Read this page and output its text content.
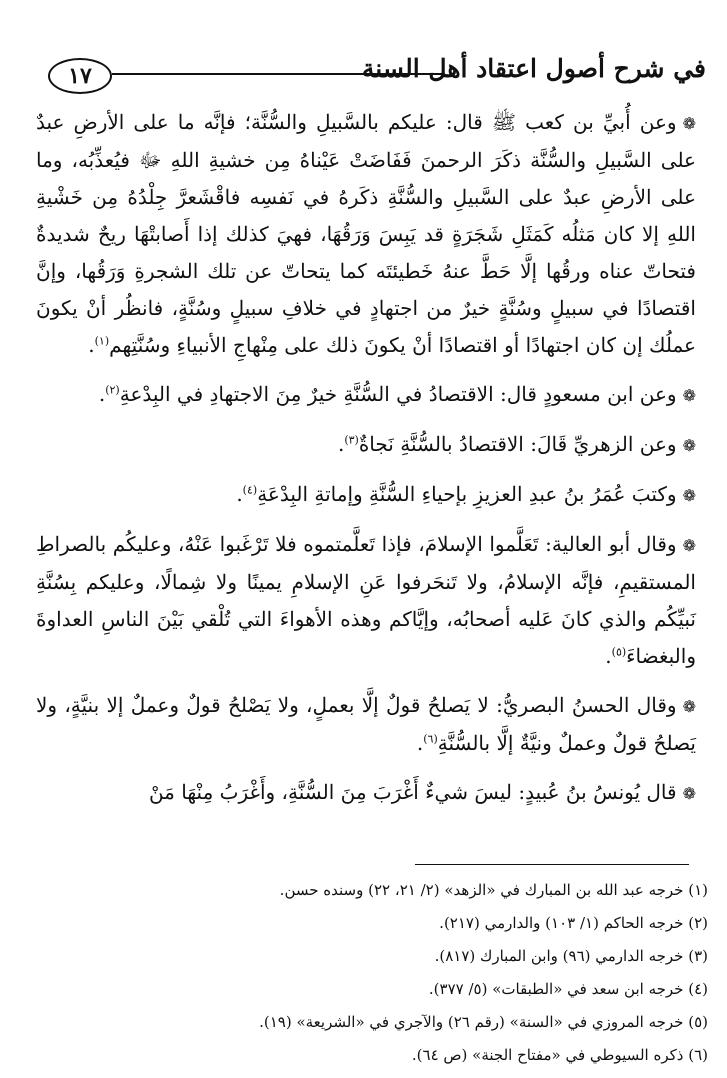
١٧	في شرح أصول اعتقاد أهل السنة

❁وعن أُبيِّ بن كعب ﷺ قال: عليكم بالسَّبيلِ والسُّنَّة؛ فإنَّه ما على الأرضِ عبدٌ على السَّبيلِ والسُّنَّة ذكَرَ الرحمنَ فَفَاضَتْ عَيْناهُ مِن خشيةِ اللهِ ﷻ فيُعذِّبُه، وما على الأرضِ عبدٌ على السَّبيلِ والسُّنَّةِ ذكَرهُ في نَفسِه فاقْشَعرَّ جِلْدُهُ مِن خَشْيةِ اللهِ إلا كان مَثلُه كَمَثَلِ شَجَرَةٍ قد يَبِسَ وَرَقُهَا، فهيَ كذلك إذا أَصابتْهَا ريحٌ شديدةٌ فتحاتّ عناه ورقُها إلَّا حَطَّ عنهُ خَطيئتَه كما يتحاتّ عن تلك الشجرةِ وَرَقُها، وإنَّ اقتصادًا في سبيلٍ وسُنَّةٍ خيرٌ من اجتهادٍ في خلافِ سبيلٍ وسُنَّةٍ، فانظُر أنْ يكونَ عملُك إن كان اجتهادًا أو اقتصادًا أنْ يكونَ ذلك على مِنْهاجِ الأنبياءِ وسُنَّتِهم$^{(١)}$.

❁وعن ابن مسعودٍ قال: الاقتصادُ في السُّنَّةِ خيرٌ مِنَ الاجتهادِ في البِدْعةِ$^{(٢)}$.

❁وعن الزهريِّ قَالَ: الاقتصادُ بالسُّنَّةِ نَجاةٌ$^{(٣)}$.

❁وكتبَ عُمَرُ بنُ عبدِ العزيزِ بإحياءِ السُّنَّةِ وإماتةِ البِدْعَةِ$^{(٤)}$.

❁وقال أبو العالية: تَعَلَّموا الإسلامَ، فإذا تَعلَّمتموه فلا تَرْغَبوا عَنْهُ، وعليكُم بالصراطِ المستقيمِ، فإنَّه الإسلامُ، ولا تَنحَرفوا عَنِ الإسلامِ يمينًا ولا شِمالًا، وعليكم بِسُنَّةِ نَبيِّكُم والذي كانَ عَليه أصحابُه، وإيَّاكم وهذه الأهواءَ التي تُلْقي بَيْنَ الناسِ العداوةَ والبغضاءَ$^{(٥)}$.

❁وقال الحسنُ البصريُّ: لا يَصلحُ قولٌ إلَّا بعملٍ، ولا يَصْلحُ قولٌ وعملٌ إلا بنيَّةٍ، ولا يَصلحُ قولٌ وعملٌ ونيَّةٌ إلَّا بالسُّنَّةِ$^{(٦)}$.

❁قال يُونسُ بنُ عُبيدٍ: ليسَ شيءٌ أَغْرَبَ مِنَ السُّنَّةِ، وأَغْرَبُ مِنْهَا مَنْ

(١) خرجه عبد الله بن المبارك في «الزهد» (٢/ ٢١، ٢٢) وسنده حسن.

(٢) خرجه الحاكم (١/ ١٠٣) والدارمي (٢١٧).

(٣) خرجه الدارمي (٩٦) وابن المبارك (٨١٧).

(٤) خرجه ابن سعد في «الطبقات» (٥/ ٣٧٧).

(٥) خرجه المروزي في «السنة» (رقم ٢٦) والآجري في «الشريعة» (١٩).

(٦) ذكره السيوطي في «مفتاح الجنة» (ص ٦٤).
